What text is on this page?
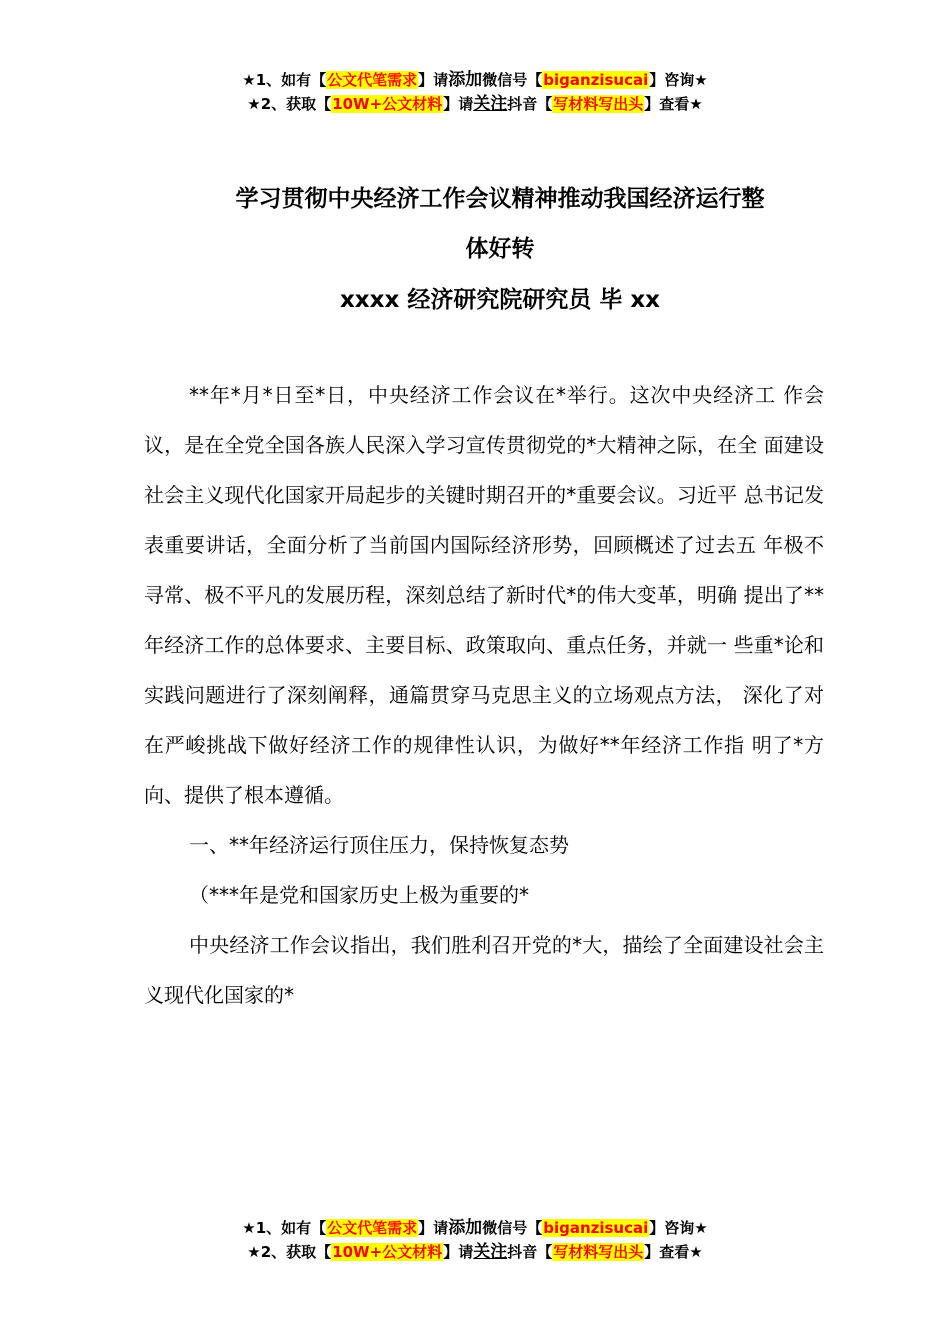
★1、如有【公文代笔需求】请添加微信号【biganzisucai】咨询★
★2、获取【10W+公文材料】请关注抖音【写材料写出头】查看★
学习贯彻中央经济工作会议精神推动我国经济运行整
体好转
xxxx 经济研究院研究员 毕 xx

**年*月*日至*日，中央经济工作会议在*举行。这次中央经济工 作会议，是在全党全国各族人民深入学习宣传贯彻党的*大精神之际，在全 面建设社会主义现代化国家开局起步的关键时期召开的*重要会议。习近平 总书记发表重要讲话，全面分析了当前国内国际经济形势，回顾概述了过去五 年极不寻常、极不平凡的发展历程，深刻总结了新时代*的伟大变革，明确 提出了**年经济工作的总体要求、主要目标、政策取向、重点任务，并就一 些重*论和实践问题进行了深刻阐释，通篇贯穿马克思主义的立场观点方法， 深化了对在严峻挑战下做好经济工作的规律性认识，为做好**年经济工作指 明了*方向、提供了根本遵循。

一、**年经济运行顶住压力，保持恢复态势

（***年是党和国家历史上极为重要的*

中央经济工作会议指出，我们胜利召开党的*大，描绘了全面建设社会主义现代化国家的*

★1、如有【公文代笔需求】请添加微信号【biganzisucai】咨询★
★2、获取【10W+公文材料】请关注抖音【写材料写出头】查看★
